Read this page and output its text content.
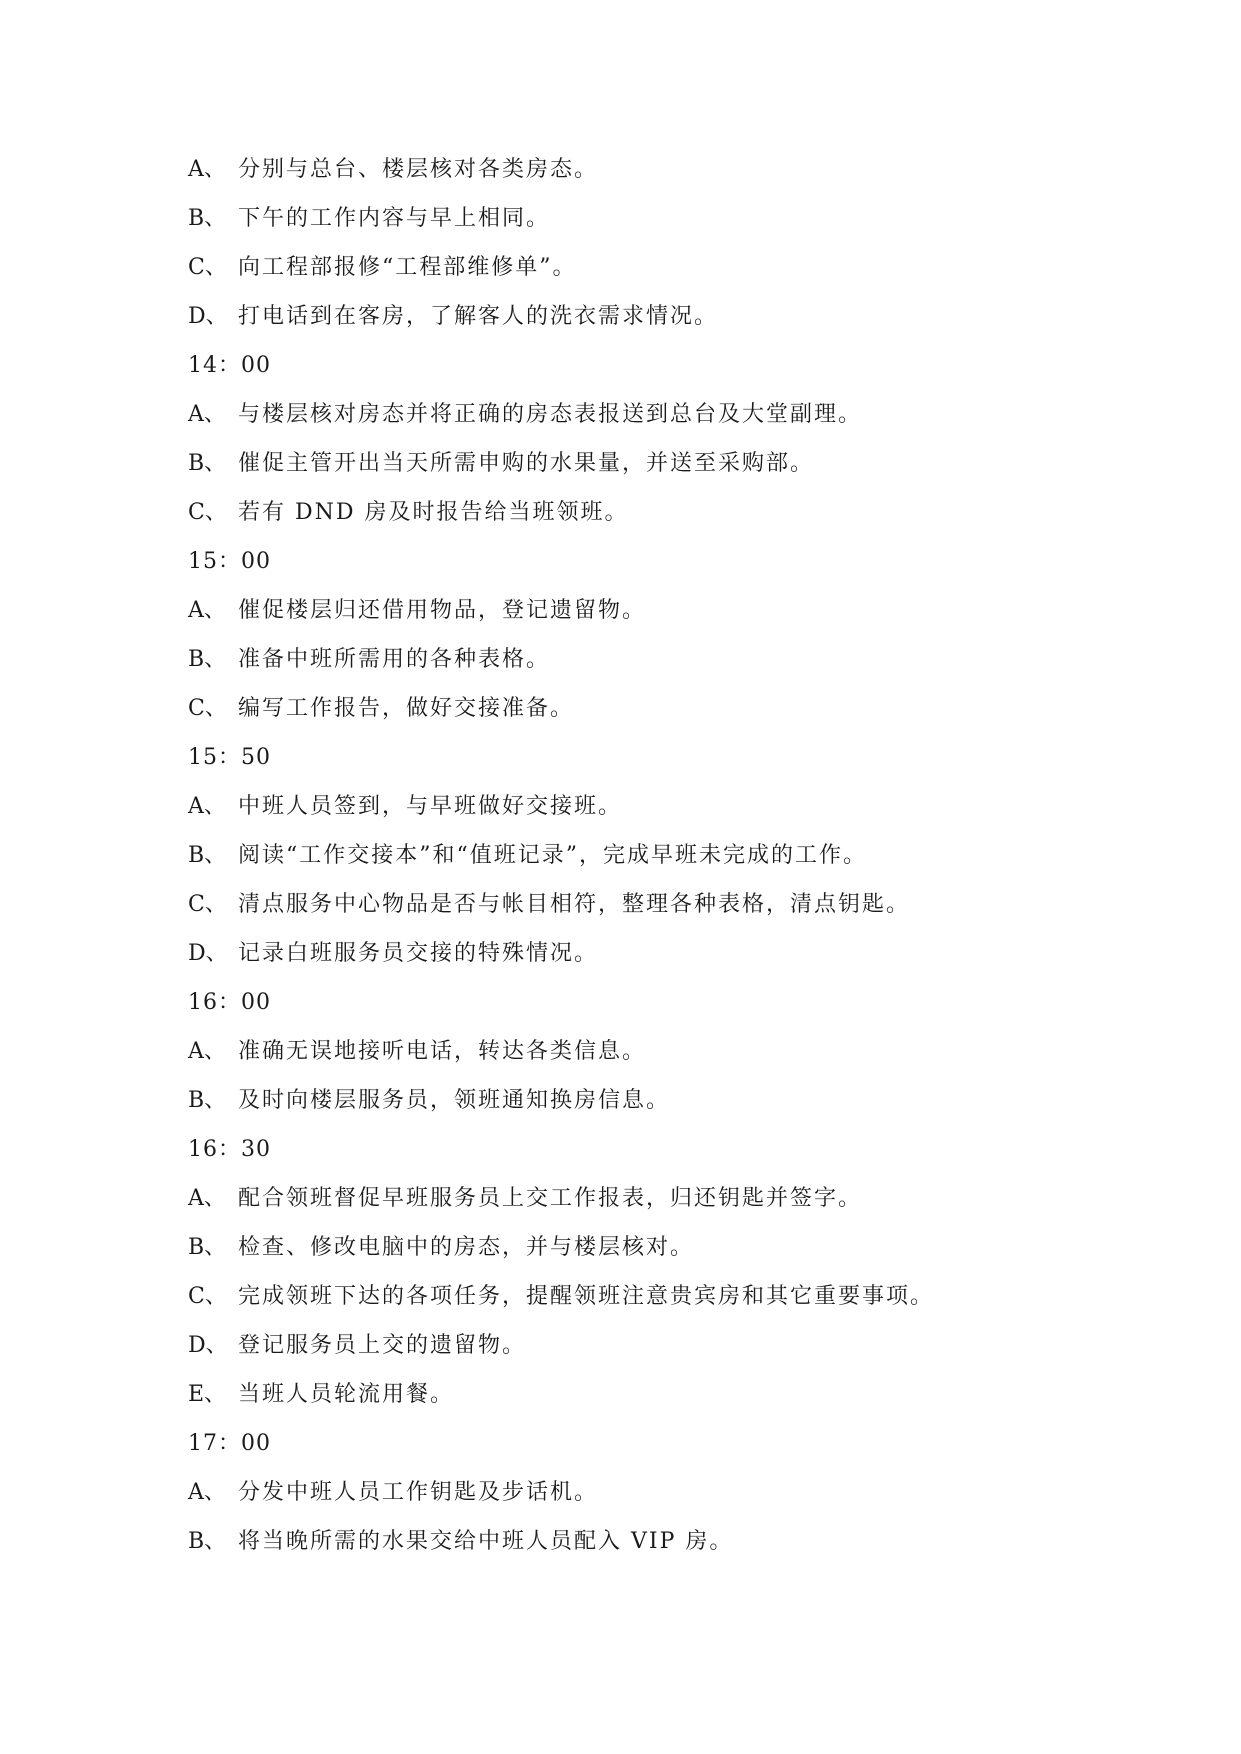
A、 分别与总台、楼层核对各类房态。
B、 下午的工作内容与早上相同。
C、 向工程部报修“工程部维修单”。
D、 打电话到在客房，了解客人的洗衣需求情况。
14：00
A、 与楼层核对房态并将正确的房态表报送到总台及大堂副理。
B、 催促主管开出当天所需申购的水果量，并送至采购部。
C、 若有 DND 房及时报告给当班领班。
15：00
A、 催促楼层归还借用物品，登记遗留物。
B、 准备中班所需用的各种表格。
C、 编写工作报告，做好交接准备。
15：50
A、 中班人员签到，与早班做好交接班。
B、 阅读“工作交接本”和“值班记录”，完成早班未完成的工作。
C、 清点服务中心物品是否与帐目相符，整理各种表格，清点钥匙。
D、 记录白班服务员交接的特殊情况。
16：00
A、 准确无误地接听电话，转达各类信息。
B、 及时向楼层服务员，领班通知换房信息。
16：30
A、 配合领班督促早班服务员上交工作报表，归还钥匙并签字。
B、 检查、修改电脑中的房态，并与楼层核对。
C、 完成领班下达的各项任务，提醒领班注意贵宾房和其它重要事项。
D、 登记服务员上交的遗留物。
E、 当班人员轮流用餐。
17：00
A、 分发中班人员工作钥匙及步话机。
B、 将当晚所需的水果交给中班人员配入 VIP 房。
